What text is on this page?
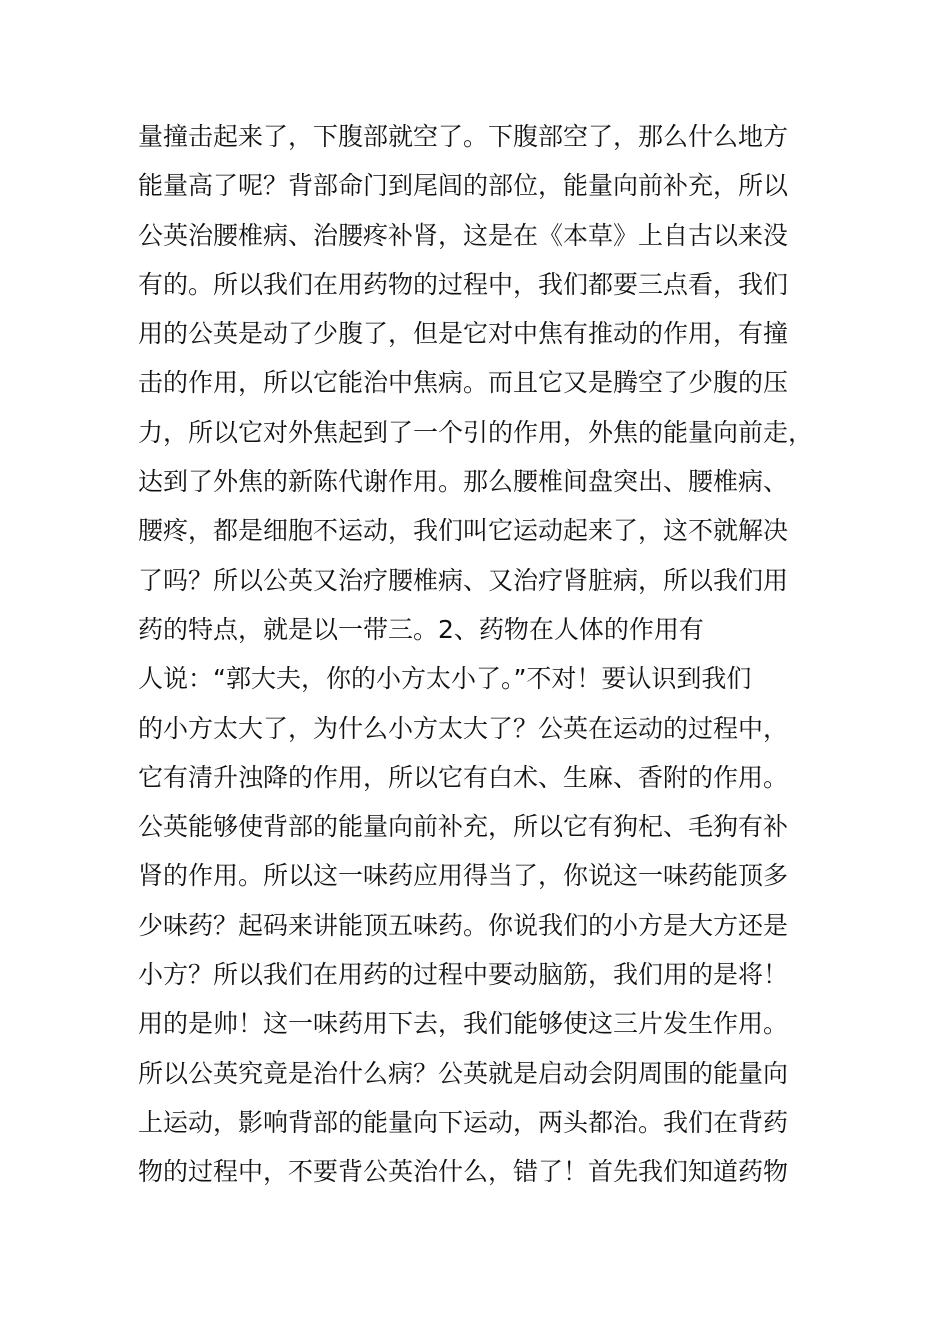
量撞击起来了，下腹部就空了。下腹部空了，那么什么地方
能量高了呢？背部命门到尾闾的部位，能量向前补充，所以
公英治腰椎病、治腰疼补肾，这是在《本草》上自古以来没
有的。所以我们在用药物的过程中，我们都要三点看，我们
用的公英是动了少腹了，但是它对中焦有推动的作用，有撞
击的作用，所以它能治中焦病。而且它又是腾空了少腹的压
力，所以它对外焦起到了一个引的作用，外焦的能量向前走，
达到了外焦的新陈代谢作用。那么腰椎间盘突出、腰椎病、
腰疼，都是细胞不运动，我们叫它运动起来了，这不就解决
了吗？所以公英又治疗腰椎病、又治疗肾脏病，所以我们用
药的特点，就是以一带三。2、药物在人体的作用有
人说：“郭大夫，你的小方太小了。”不对！要认识到我们
的小方太大了，为什么小方太大了？公英在运动的过程中，
它有清升浊降的作用，所以它有白术、生麻、香附的作用。
公英能够使背部的能量向前补充，所以它有狗杞、毛狗有补
肾的作用。所以这一味药应用得当了，你说这一味药能顶多
少味药？起码来讲能顶五味药。你说我们的小方是大方还是
小方？所以我们在用药的过程中要动脑筋，我们用的是将！
用的是帅！这一味药用下去，我们能够使这三片发生作用。
所以公英究竟是治什么病？公英就是启动会阴周围的能量向
上运动，影响背部的能量向下运动，两头都治。我们在背药
物的过程中，不要背公英治什么，错了！首先我们知道药物
